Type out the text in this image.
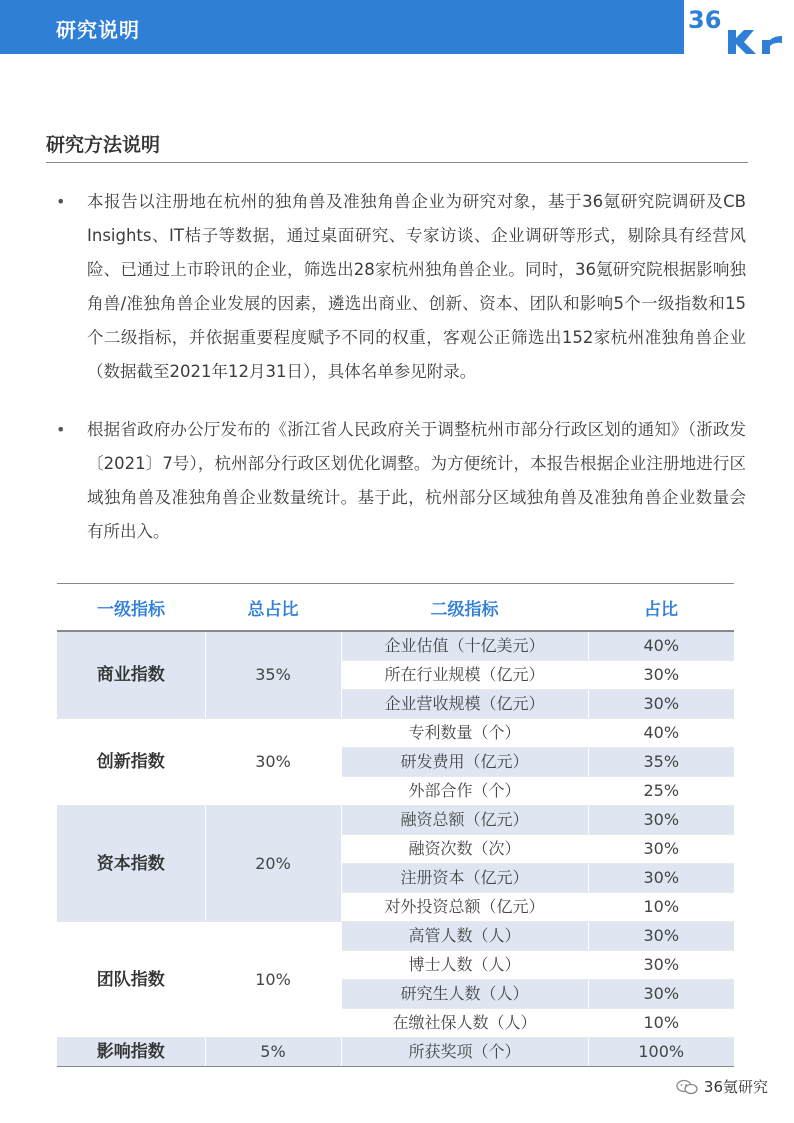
研究说明	36
研究方法说明
• 本报告以注册地在杭州的独角兽及准独角兽企业为研究对象，基于36氪研究院调研及CB Insights、IT桔子等数据，通过桌面研究、专家访谈、企业调研等形式，剔除具有经营风险、已通过上市聆讯的企业，筛选出28家杭州独角兽企业。同时，36氪研究院根据影响独角兽/准独角兽企业发展的因素，遴选出商业、创新、资本、团队和影响5个一级指数和15个二级指标，并依据重要程度赋予不同的权重，客观公正筛选出152家杭州准独角兽企业（数据截至2021年12月31日），具体名单参见附录。
• 根据省政府办公厅发布的《浙江省人民政府关于调整杭州市部分行政区划的通知》（浙政发〔2021〕7号），杭州部分行政区划优化调整。为方便统计，本报告根据企业注册地进行区域独角兽及准独角兽企业数量统计。基于此，杭州部分区域独角兽及准独角兽企业数量会有所出入。
一级指标	总占比	二级指标	占比
商业指数	35%	企业估值（十亿美元）	40%
		所在行业规模（亿元）	30%
		企业营收规模（亿元）	30%
创新指数	30%	专利数量（个）	40%
		研发费用（亿元）	35%
		外部合作（个）	25%
资本指数	20%	融资总额（亿元）	30%
		融资次数（次）	30%
		注册资本（亿元）	30%
		对外投资总额（亿元）	10%
团队指数	10%	高管人数（人）	30%
		博士人数（人）	30%
		研究生人数（人）	30%
		在缴社保人数（人）	10%
影响指数	5%	所获奖项（个）	100%
36氪研究
